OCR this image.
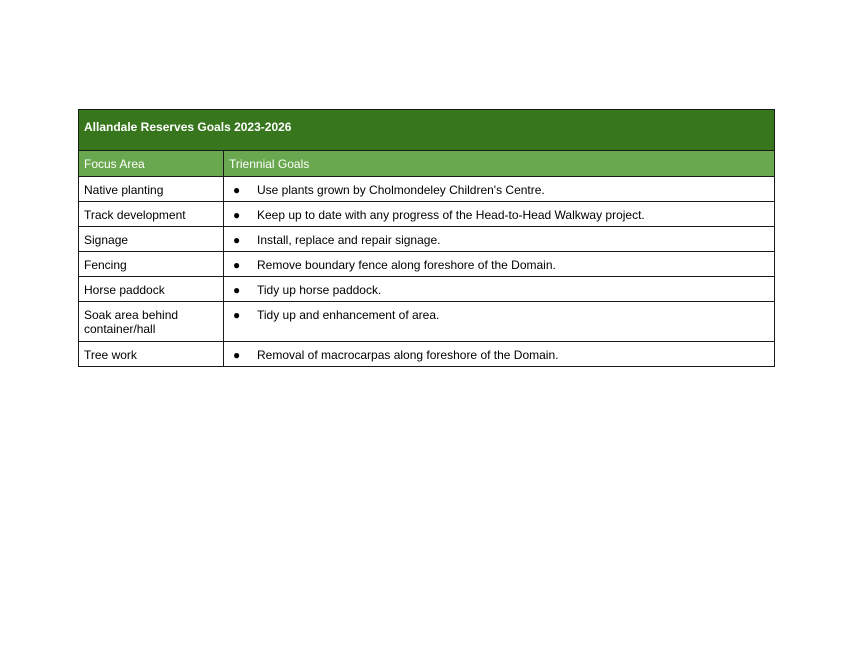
Allandale Reserves Goals 2023-2026	
Focus Area	Triennial Goals
Native planting	● Use plants grown by Cholmondeley Children's Centre.
Track development	● Keep up to date with any progress of the Head-to-Head Walkway project.
Signage	● Install, replace and repair signage.
Fencing	● Remove boundary fence along foreshore of the Domain.
Horse paddock	● Tidy up horse paddock.
Soak area behind container/hall	● Tidy up and enhancement of area.
Tree work	● Removal of macrocarpas along foreshore of the Domain.
